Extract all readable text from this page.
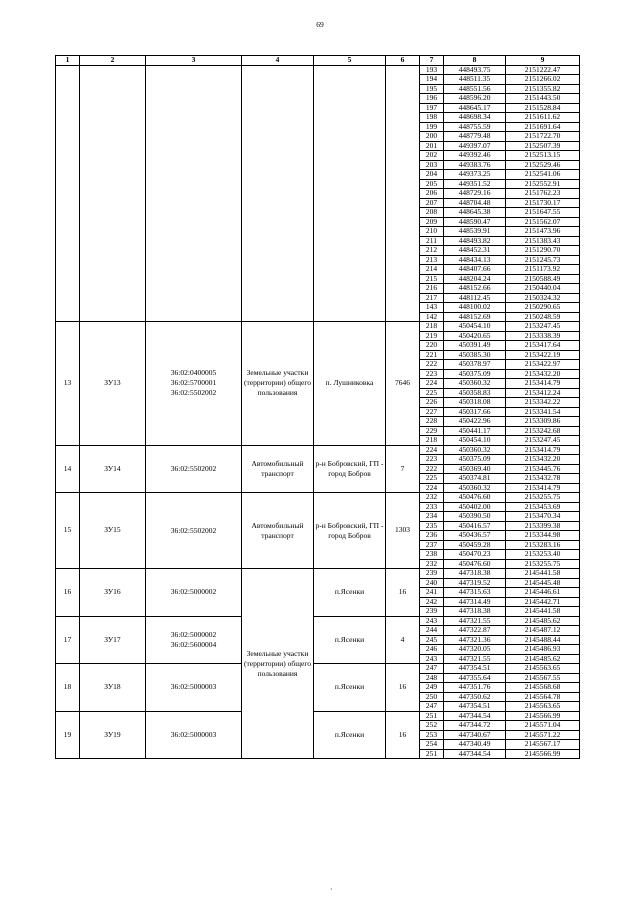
69
1	2	3	4	5	6	7	8	9
						193	448493.75	2151222.47
						194	448511.35	2151266.02
						195	448551.56	2151355.82
						196	448596.20	2151443.50
						197	448645.17	2151528.84
						198	448698.34	2151611.62
						199	448755.59	2151691.64
						200	448779.48	2151722.70
						201	449397.07	2152507.39
						202	449392.46	2152513.15
						203	449383.76	2152529.46
						204	449373.25	2152541.06
						205	449351.52	2152552.91
						206	448729.16	2151762.23
						207	448704.48	2151730.17
						208	448645.38	2151647.55
						209	448590.47	2151562.07
						210	448539.91	2151473.96
						211	448493.82	2151383.43
						212	448452.31	2151290.70
						213	448434.13	2151245.73
						214	448407.66	2151173.92
						215	448204.24	2150588.49
						216	448152.66	2150440.04
						217	448112.45	2150324.32
						143	448100.02	2150290.65
						142	448152.69	2150248.59
13	ЗУ13	36:02:0400005
36:02:5700001
36:02:5502002	Земельные участки (территории) общего пользования	п. Лушниковка	7646	218	450454.10	2153247.45
						219	450420.65	2153338.39
						220	450391.49	2153417.64
						221	450385.30	2153422.19
						222	450378.97	2153422.97
						223	450375.09	2153432.20
						224	450360.32	2153414.79
						225	450358.83	2153412.24
						226	450318.08	2153342.22
						227	450317.66	2153341.54
						228	450422.96	2153309.86
						229	450441.17	2153242.68
						218	450454.10	2153247.45
14	ЗУ14	36:02:5502002	Автомобильный транспорт	р-н Бобровский, ГП - город Бобров	7	224	450360.32	2153414.79
						223	450375.09	2153432.20
						222	450369.40	2153445.76
						225	450374.81	2153432.78
						224	450360.32	2153414.79
15	ЗУ15	36:02:5502002	Автомобильный транспорт	р-н Бобровский, ГП - город Бобров	1303	232	450476.60	2153255.75
						233	450402.00	2153453.69
						234	450390.50	2153470.34
						235	450416.57	2153399.38
						236	450436.57	2153344.98
						237	450459.28	2153283.16
						238	450470.23	2153253.40
						232	450476.60	2153255.75
16	ЗУ16	36:02:5000002	Земельные участки (территории) общего пользования	п.Ясенки	16	239	447318.38	2145441.58
						240	447319.52	2145445.48
						241	447315.63	2145446.61
						242	447314.49	2145442.71
						239	447318.38	2145441.58
17	ЗУ17	36:02:5000002
36:02:5600004		п.Ясенки	4	243	447321.55	2145485.62
						244	447322.87	2145487.12
						245	447321.36	2145488.44
						246	447320.05	2145486.93
						243	447321.55	2145485.62
18	ЗУ18	36:02:5000003		п.Ясенки	16	247	447354.51	2145563.65
						248	447355.64	2145567.55
						249	447351.76	2145568.68
						250	447350.62	2145564.78
						247	447354.51	2145563.65
19	ЗУ19	36:02:5000003		п.Ясенки	16	251	447344.54	2145566.99
						252	447344.72	2145571.04
						253	447340.67	2145571.22
						254	447340.49	2145567.17
						251	447344.54	2145566.99
·
